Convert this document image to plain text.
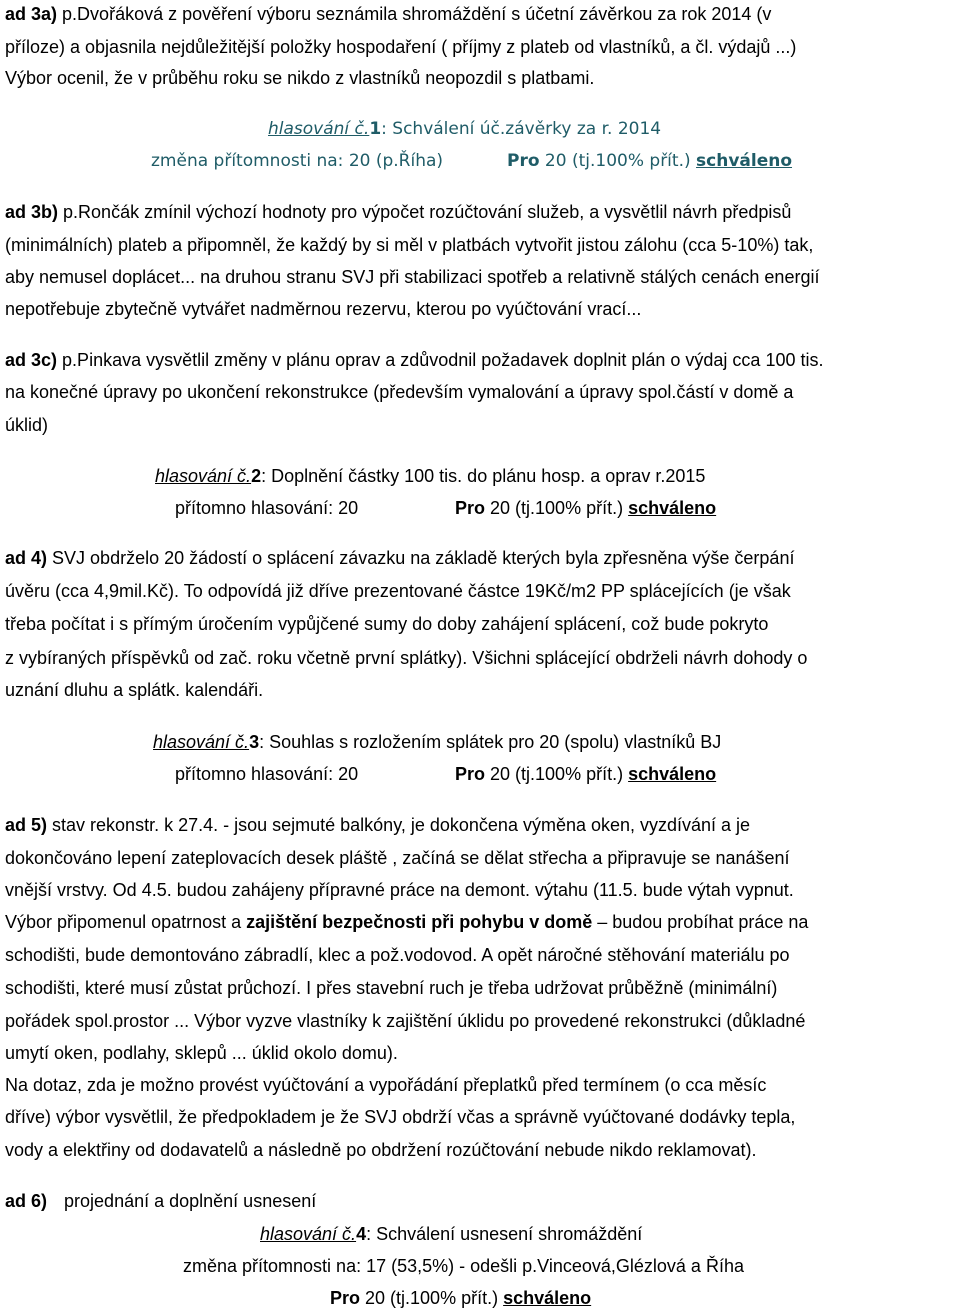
ad 3a) p.Dvořáková z pověření výboru seznámila shromáždění s účetní závěrkou za rok 2014 (v
příloze) a objasnila nejdůležitější položky hospodaření ( příjmy z plateb od vlastníků, a čl. výdajů ...)
Výbor ocenil, že v průběhu roku se nikdo z vlastníků neopozdil s platbami.
hlasování č.1: Schválení úč.závěrky za r. 2014
změna přítomnosti na: 20 (p.Říha)	Pro 20 (tj.100% přít.) schváleno
ad 3b) p.Rončák zmínil výchozí hodnoty pro výpočet rozúčtování služeb, a vysvětlil návrh předpisů
(minimálních) plateb a připomněl, že každý by si měl v platbách vytvořit jistou zálohu (cca 5-10%) tak,
aby nemusel doplácet... na druhou stranu SVJ při stabilizaci spotřeb a relativně stálých cenách energií
nepotřebuje zbytečně vytvářet nadměrnou rezervu, kterou po vyúčtování vrací...
ad 3c) p.Pinkava vysvětlil změny v plánu oprav a zdůvodnil požadavek doplnit plán o výdaj cca 100 tis.
na konečné úpravy po ukončení rekonstrukce (především vymalování a úpravy spol.částí v domě a
úklid)
hlasování č.2: Doplnění částky 100 tis. do plánu hosp. a oprav r.2015
přítomno hlasování: 20	Pro 20 (tj.100% přít.) schváleno
ad 4) SVJ obdrželo 20 žádostí o splácení závazku na základě kterých byla zpřesněna výše čerpání
úvěru (cca 4,9mil.Kč). To odpovídá již dříve prezentované částce 19Kč/m2 PP splácejících (je však
třeba počítat i s přímým úročením vypůjčené sumy do doby zahájení splácení, což bude pokryto
z vybíraných příspěvků od zač. roku včetně první splátky). Všichni splácející obdrželi návrh dohody o
uznání dluhu a splátk. kalendáři.
hlasování č.3: Souhlas s rozložením splátek pro 20 (spolu) vlastníků BJ
přítomno hlasování: 20	Pro 20 (tj.100% přít.) schváleno
ad 5) stav rekonstr. k 27.4. - jsou sejmuté balkóny, je dokončena výměna oken, vyzdívání a je
dokončováno lepení zateplovacích desek pláště , začíná se dělat střecha a připravuje se nanášení
vnější vrstvy. Od 4.5. budou zahájeny přípravné práce na demont. výtahu (11.5. bude výtah vypnut.
Výbor připomenul opatrnost a zajištění bezpečnosti při pohybu v domě – budou probíhat práce na
schodišti, bude demontováno zábradlí, klec a pož.vodovod. A opět náročné stěhování materiálu po
schodišti, které musí zůstat průchozí. I přes stavební ruch je třeba udržovat průběžně (minimální)
pořádek spol.prostor ... Výbor vyzve vlastníky k zajištění úklidu po provedené rekonstrukci (důkladné
umytí oken, podlahy, sklepů ... úklid okolo domu).
Na dotaz, zda je možno provést vyúčtování a vypořádání přeplatků před termínem (o cca měsíc
dříve) výbor vysvětlil, že předpokladem je že SVJ obdrží včas a správně vyúčtované dodávky tepla,
vody a elektřiny od dodavatelů a následně po obdržení rozúčtování nebude nikdo reklamovat).
ad 6) projednání a doplnění usnesení
hlasování č.4: Schválení usnesení shromáždění
změna přítomnosti na: 17 (53,5%) - odešli p.Vinceová,Glézlová a Říha
Pro 20 (tj.100% přít.) schváleno
